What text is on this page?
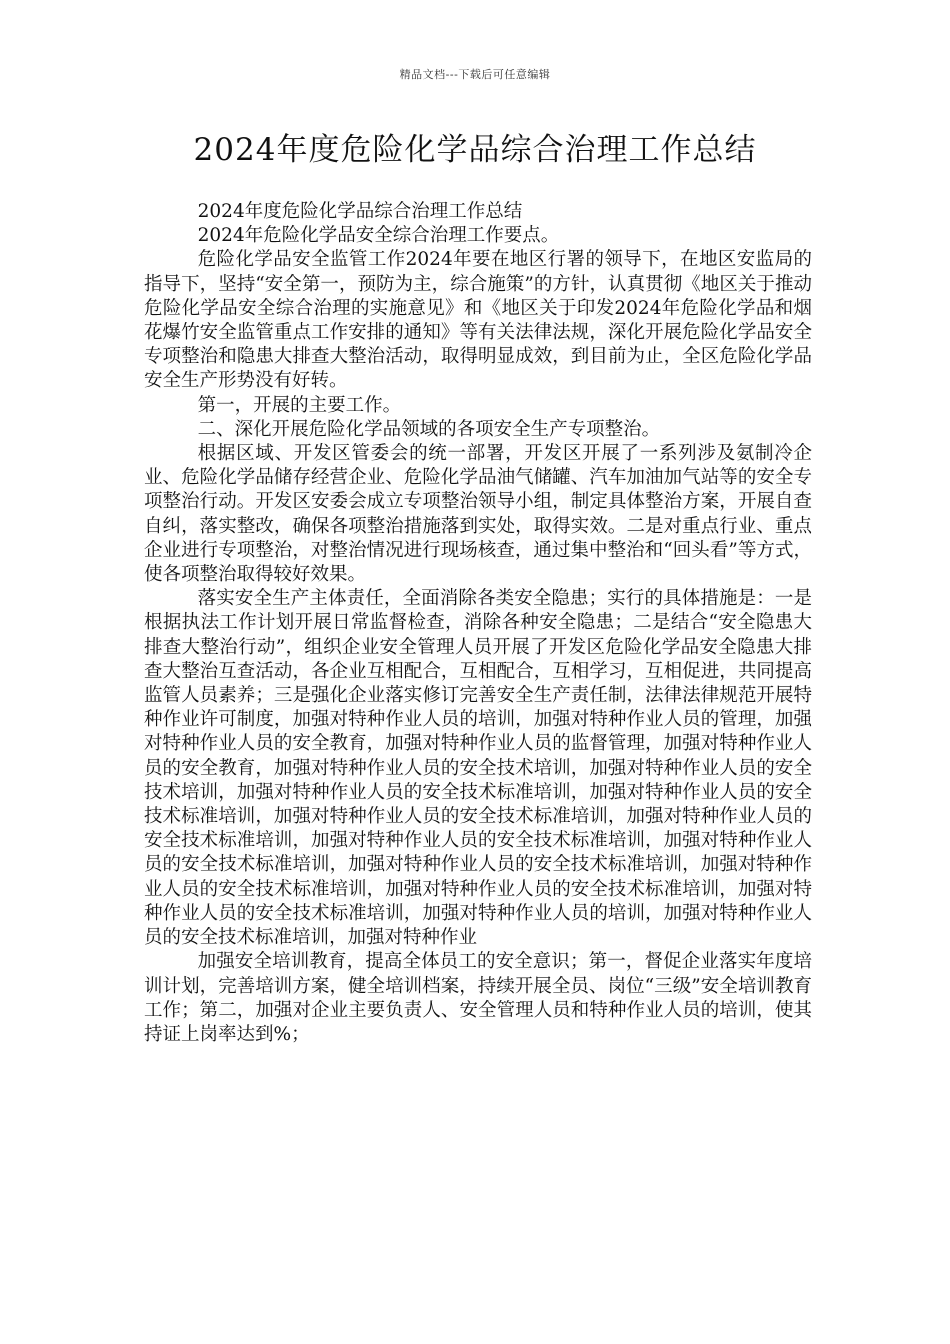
精品文档---下载后可任意编辑
2024年度危险化学品综合治理工作总结

2024年度危险化学品综合治理工作总结

2024年危险化学品安全综合治理工作要点。

危险化学品安全监管工作2024年要在地区行署的领导下，在地区安监局的指导下，坚持“安全第一，预防为主，综合施策”的方针，认真贯彻《地区关于推动危险化学品安全综合治理的实施意见》和《地区关于印发2024年危险化学品和烟花爆竹安全监管重点工作安排的通知》等有关法律法规，深化开展危险化学品安全专项整治和隐患大排查大整治活动，取得明显成效，到目前为止，全区危险化学品安全生产形势没有好转。

第一，开展的主要工作。

二、深化开展危险化学品领域的各项安全生产专项整治。

根据区域、开发区管委会的统一部署，开发区开展了一系列涉及氨制冷企业、危险化学品储存经营企业、危险化学品油气储罐、汽车加油加气站等的安全专项整治行动。开发区安委会成立专项整治领导小组，制定具体整治方案，开展自查自纠，落实整改，确保各项整治措施落到实处，取得实效。二是对重点行业、重点企业进行专项整治，对整治情况进行现场核查，通过集中整治和“回头看”等方式，使各项整治取得较好效果。

落实安全生产主体责任，全面消除各类安全隐患；实行的具体措施是：一是根据执法工作计划开展日常监督检查，消除各种安全隐患；二是结合“安全隐患大排查大整治行动”，组织企业安全管理人员开展了开发区危险化学品安全隐患大排查大整治互查活动，各企业互相配合，互相配合，互相学习，互相促进，共同提高监管人员素养；三是强化企业落实修订完善安全生产责任制，法律法律规范开展特种作业许可制度，加强对特种作业人员的培训，加强对特种作业人员的管理，加强对特种作业人员的安全教育，加强对特种作业人员的监督管理，加强对特种作业人员的安全教育，加强对特种作业人员的安全技术培训，加强对特种作业人员的安全技术培训，加强对特种作业人员的安全技术标准培训，加强对特种作业人员的安全技术标准培训，加强对特种作业人员的安全技术标准培训，加强对特种作业人员的安全技术标准培训，加强对特种作业人员的安全技术标准培训，加强对特种作业人员的安全技术标准培训，加强对特种作业人员的安全技术标准培训，加强对特种作业人员的安全技术标准培训，加强对特种作业人员的安全技术标准培训，加强对特种作业人员的安全技术标准培训，加强对特种作业人员的培训，加强对特种作业人员的安全技术标准培训，加强对特种作业

加强安全培训教育，提高全体员工的安全意识；第一，督促企业落实年度培训计划，完善培训方案，健全培训档案，持续开展全员、岗位“三级”安全培训教育工作；第二，加强对企业主要负责人、安全管理人员和特种作业人员的培训，使其持证上岗率达到%；
